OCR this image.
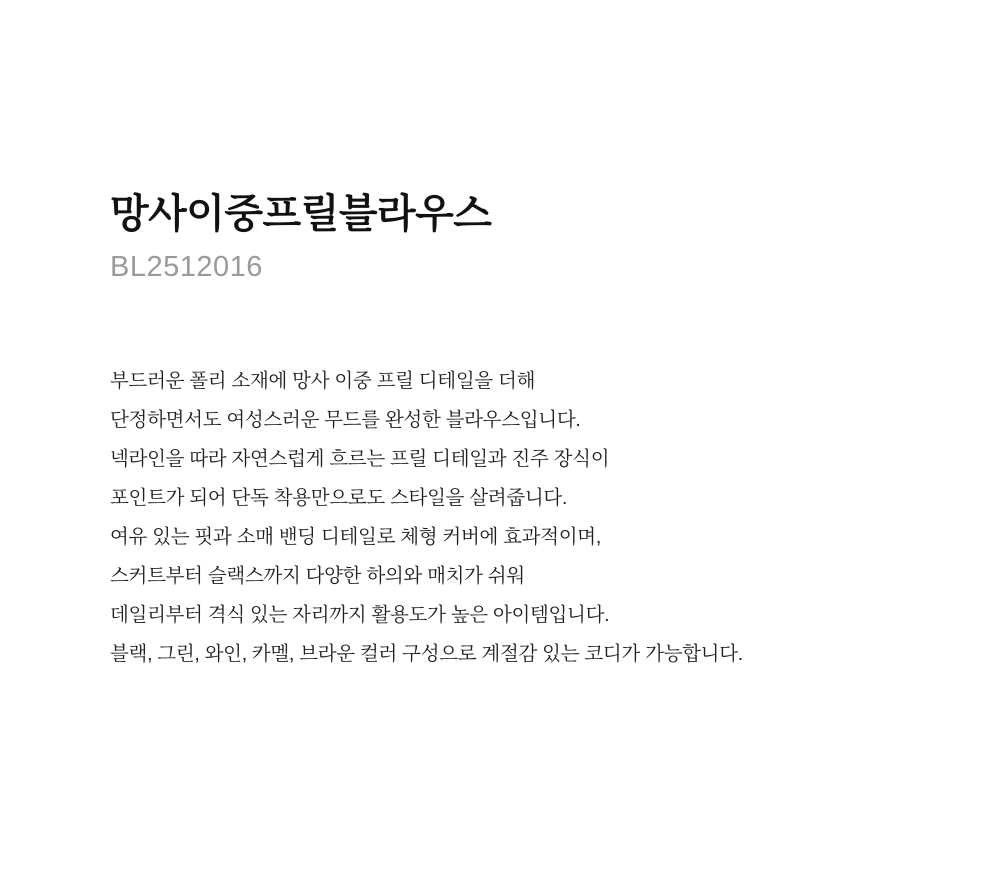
망사이중프릴블라우스
BL2512016

부드러운 폴리 소재에 망사 이중 프릴 디테일을 더해

단정하면서도 여성스러운 무드를 완성한 블라우스입니다.

넥라인을 따라 자연스럽게 흐르는 프릴 디테일과 진주 장식이

포인트가 되어 단독 착용만으로도 스타일을 살려줍니다.

여유 있는 핏과 소매 밴딩 디테일로 체형 커버에 효과적이며,

스커트부터 슬랙스까지 다양한 하의와 매치가 쉬워

데일리부터 격식 있는 자리까지 활용도가 높은 아이템입니다.

블랙, 그린, 와인, 카멜, 브라운 컬러 구성으로 계절감 있는 코디가 가능합니다.
